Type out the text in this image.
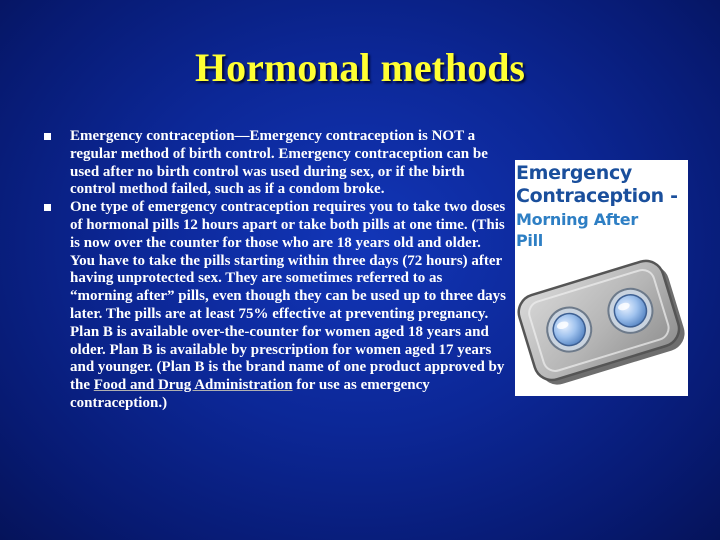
Hormonal methods
Emergency contraception—Emergency contraception is NOT a regular method of birth control. Emergency contraception can be used after no birth control was used during sex, or if the birth control method failed, such as if a condom broke.
One type of emergency contraception requires you to take two doses of hormonal pills 12 hours apart or take both pills at one time. (This is now over the counter for those who are 18 years old and older. You have to take the pills starting within three days (72 hours) after having unprotected sex. They are sometimes referred to as “morning after” pills, even though they can be used up to three days later. The pills are at least 75% effective at preventing pregnancy. Plan B is available over-the-counter for women aged 18 years and older. Plan B is available by prescription for women aged 17 years and younger. (Plan B is the brand name of one product approved by the Food and Drug Administration for use as emergency contraception.)
Emergency
Contraception -
Morning After
Pill
